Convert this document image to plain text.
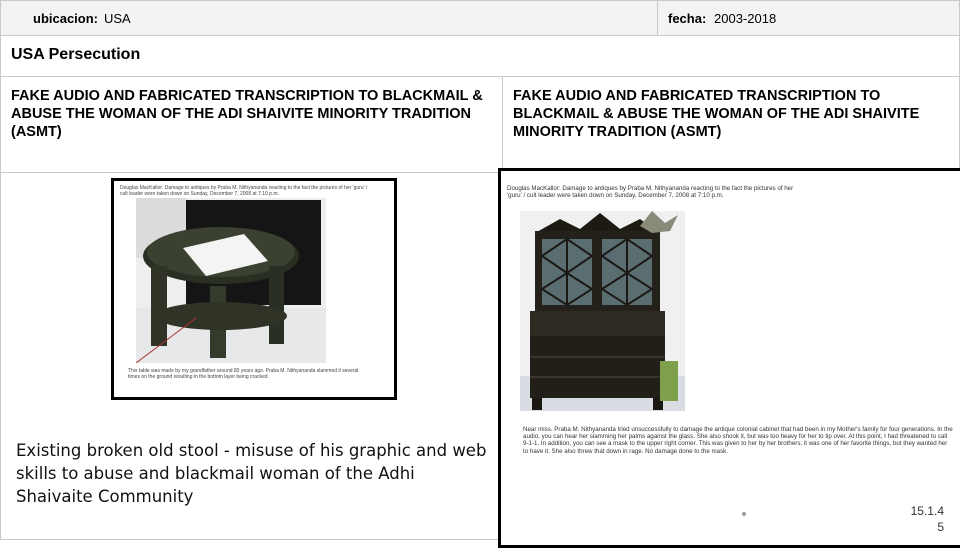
ubicacion: USA	fecha: 2003-2018
USA Persecution
FAKE AUDIO AND FABRICATED TRANSCRIPTION TO BLACKMAIL & ABUSE THE WOMAN OF THE ADI SHAIVITE MINORITY TRADITION (ASMT)
FAKE AUDIO AND FABRICATED TRANSCRIPTION TO BLACKMAIL & ABUSE THE WOMAN OF THE ADI SHAIVITE MINORITY TRADITION (ASMT)
Douglas MacKallor: Damage to antiques by Praba M. Nithyananda reacting to the fact the pictures of her 'guru' / cult leader were taken down on Sunday, December 7, 2008 at 7:10 p.m.
This table was made by my grandfather around 80 years ago. Praba M. Nithyananda slammed it several times on the ground resulting in the bottom layer being cracked.
Douglas MacKallor: Damage to antiques by Praba M. Nithyananda reacting to the fact the pictures of her 'guru' / cult leader were taken down on Sunday, December 7, 2008 at 7:10 p.m.
Near miss. Praba M. Nithyananda tried unsuccessfully to damage the antique colonial cabinet that had been in my Mother's family for four generations. In the audio, you can hear her slamming her palms against the glass. She also shook it, but was too heavy for her to tip over. At this point, I had threatened to call 9-1-1. In addition, you can see a mask to the upper right corner. This was given to her by her brothers; it was one of her favorite things, but they wanted her to have it. She also threw that down in rage. No damage done to the mask.
Existing broken old stool - misuse of his graphic and web skills to abuse and blackmail woman of the Adhi Shaivaite Community
15.1.4
5
